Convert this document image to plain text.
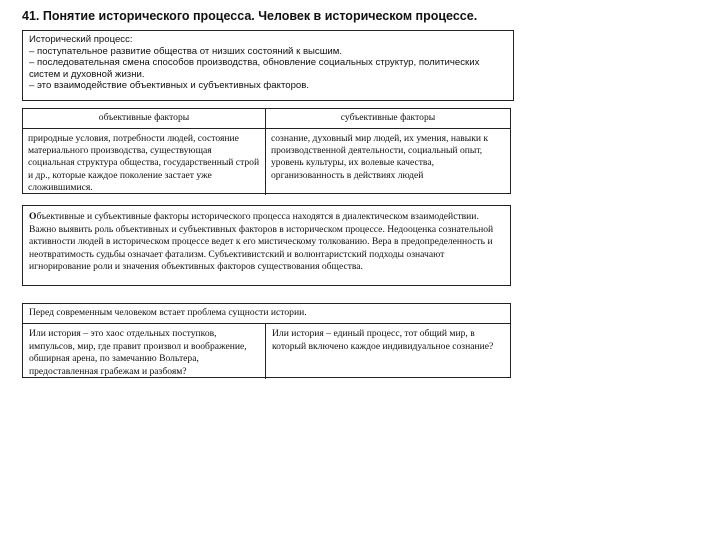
41. Понятие исторического процесса. Человек в историческом процессе.
Исторический процесс:
– поступательное развитие общества от низших состояний к высшим.
– последовательная смена способов производства, обновление социальных структур, политических
систем и духовной жизни.
– это взаимодействие объективных и субъективных факторов.
объективные факторы	субъективные факторы
природные условия, потребности людей, состояние материального производства, существующая социальная структура общества, государственный строй и др., которые каждое поколение застает уже сложившимися.
сознание, духовный мир людей, их умения, навыки к производственной деятельности, социальный опыт, уровень культуры, их волевые качества, организованность в действиях людей
Объективные и субъективные факторы исторического процесса находятся в диалектическом взаимодействии. Важно выявить роль объективных и субъективных факторов в историческом процессе. Недооценка сознательной активности людей в историческом процессе ведет к его мистическому толкованию. Вера в предопределенность и неотвратимость судьбы означает фатализм. Субъективистский и волюнтаристский подходы означают игнорирование роли и значения объективных факторов существования общества.
Перед современным человеком встает проблема сущности истории.
Или история – это хаос отдельных поступков, импульсов, мир, где правит произвол и воображение, обширная арена, по замечанию Вольтера, предоставленная грабежам и разбоям?
Или история – единый процесс, тот общий мир, в который включено каждое индивидуальное сознание?
